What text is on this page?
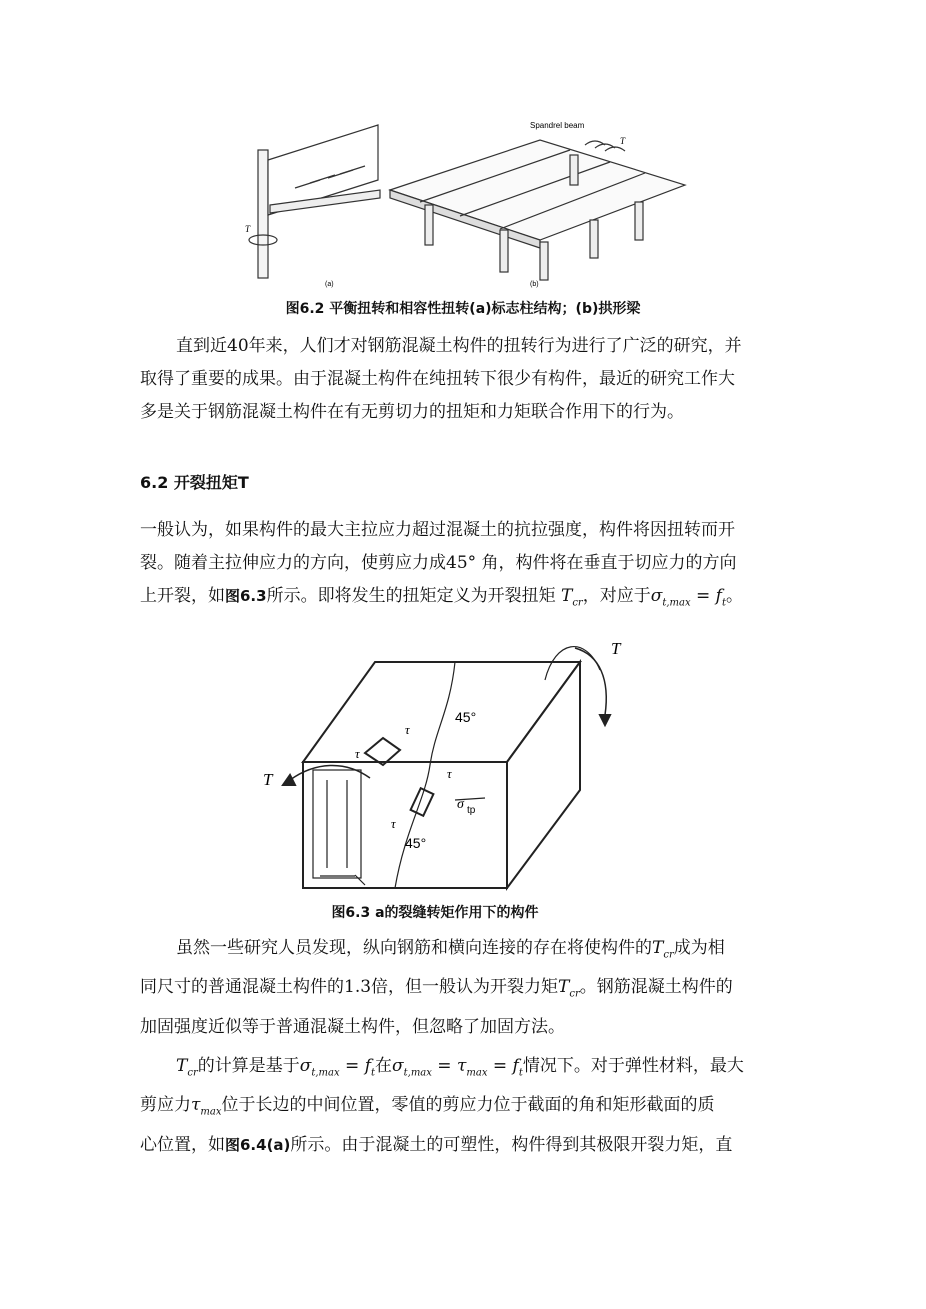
Spandrel beam
T
T
(a)	(b)
图6.2 平衡扭转和相容性扭转(a)标志柱结构；(b)拱形梁

直到近40年来，人们才对钢筋混凝土构件的扭转行为进行了广泛的研究，并
取得了重要的成果。由于混凝土构件在纯扭转下很少有构件，最近的研究工作大
多是关于钢筋混凝土构件在有无剪切力的扭矩和力矩联合作用下的行为。

6.2 开裂扭矩T

一般认为，如果构件的最大主拉应力超过混凝土的抗拉强度，构件将因扭转而开
裂。随着主拉伸应力的方向，使剪应力成45° 角，构件将在垂直于切应力的方向
上开裂，如图6.3所示。即将发生的扭矩定义为开裂扭矩 $T_{cr}$，对应于$\sigma_{t,max} = f_t$。

T
T
45°
45°
τ
τ
τ
τ
σ tp
图6.3 a的裂缝转矩作用下的构件

虽然一些研究人员发现，纵向钢筋和横向连接的存在将使构件的$T_{cr}$成为相
同尺寸的普通混凝土构件的1.3倍，但一般认为开裂力矩$T_{cr}$。钢筋混凝土构件的
加固强度近似等于普通混凝土构件，但忽略了加固方法。

$T_{cr}$的计算是基于$\sigma_{t,max} = f_t$在$\sigma_{t,max} = \tau_{max} = f_t$情况下。对于弹性材料，最大
剪应力$\tau_{max}$位于长边的中间位置，零值的剪应力位于截面的角和矩形截面的质
心位置，如图6.4(a)所示。由于混凝土的可塑性，构件得到其极限开裂力矩，直
